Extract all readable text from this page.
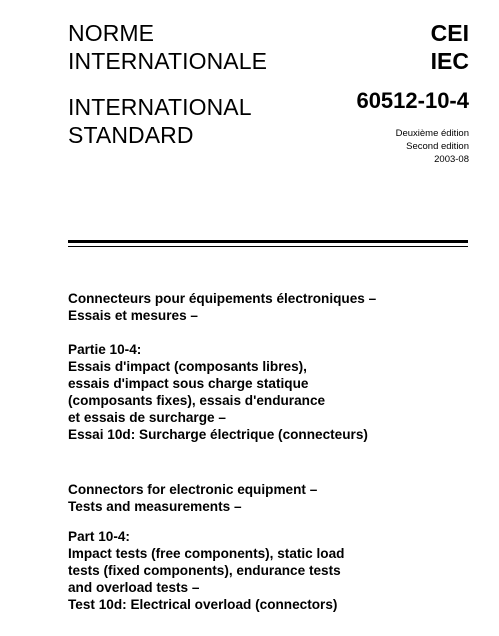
NORME
INTERNATIONALE
INTERNATIONAL
STANDARD
CEI
IEC
60512-10-4
Deuxième édition
Second edition
2003-08
Connecteurs pour équipements électroniques –
Essais et mesures –
Partie 10-4:
Essais d'impact (composants libres),
essais d'impact sous charge statique
(composants fixes), essais d'endurance
et essais de surcharge –
Essai 10d: Surcharge électrique (connecteurs)
Connectors for electronic equipment –
Tests and measurements –
Part 10-4:
Impact tests (free components), static load
tests (fixed components), endurance tests
and overload tests –
Test 10d: Electrical overload (connectors)
